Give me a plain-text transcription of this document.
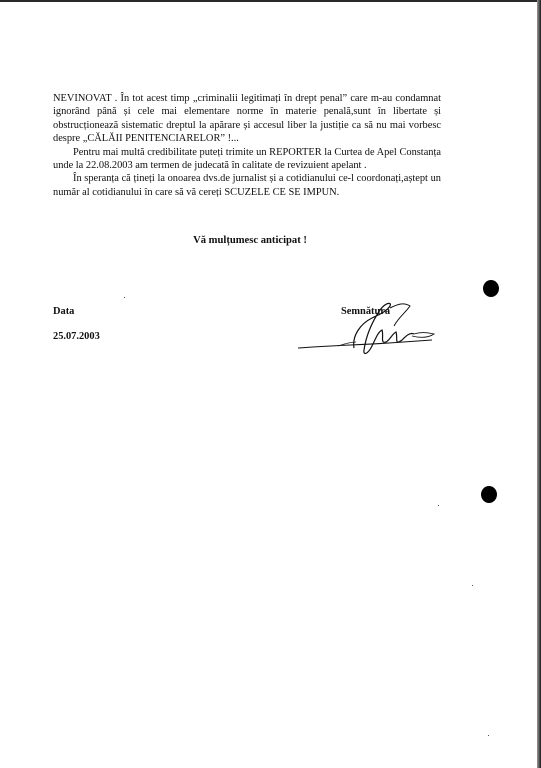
NEVINOVAT . În tot acest timp „criminalii legitimați în drept penal” care m-au condamnat ignorând până și cele mai elementare norme în materie penală,sunt în libertate și obstrucționează sistematic dreptul la apărare și accesul liber la justiție ca să nu mai vorbesc despre „CĂLĂII PENITENCIARELOR” !...

Pentru mai multă credibilitate puteți trimite un REPORTER la Curtea de Apel Constanța unde la 22.08.2003 am termen de judecată în calitate de revizuient apelant .

În speranța că țineți la onoarea dvs.de jurnalist și a cotidianului ce-l coordonați,aștept un număr al cotidianului în care să vă cereți SCUZELE CE SE IMPUN.

Vă mulțumesc anticipat !
Data
25.07.2003
Semnătura
